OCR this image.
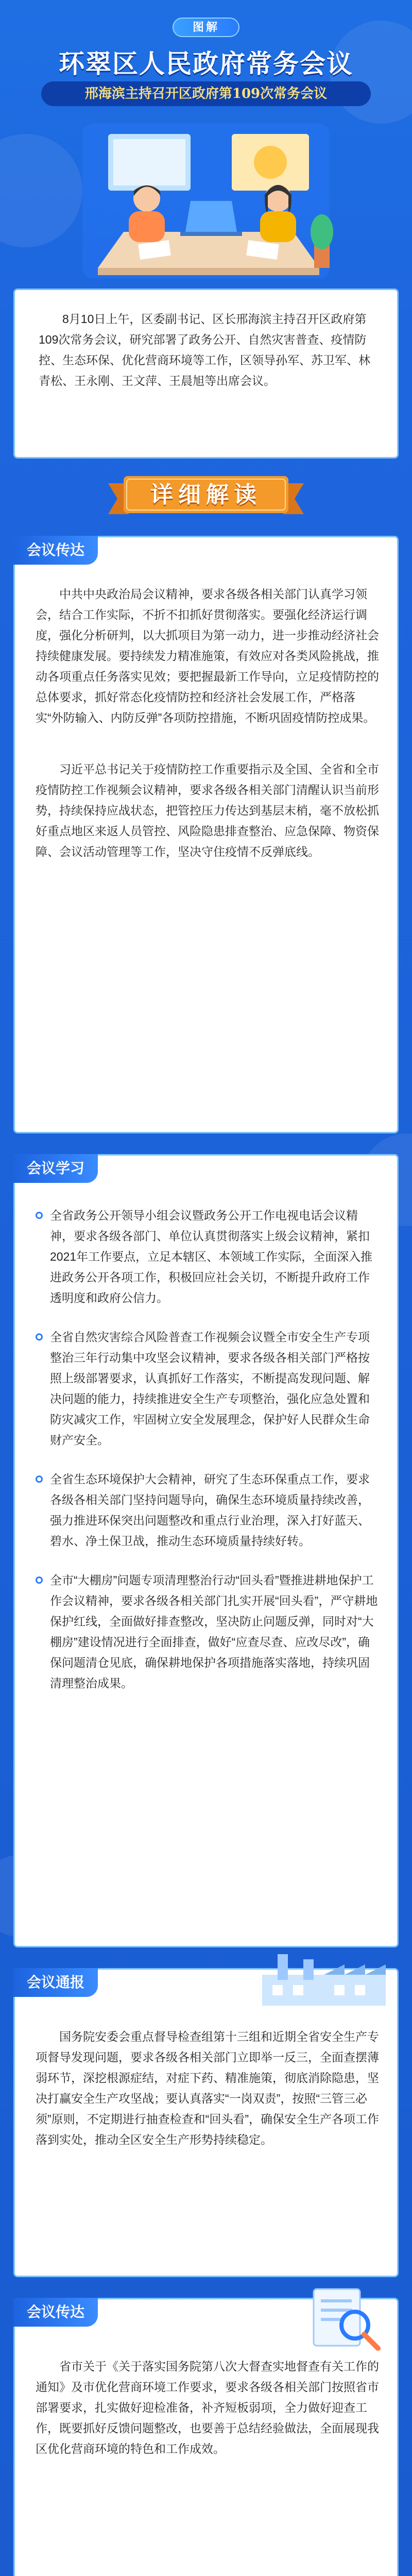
图解
环翠区人民政府常务会议
邢海滨主持召开区政府第109次常务会议

8月10日上午，区委副书记、区长邢海滨主持召开区政府第109次常务会议，研究部署了政务公开、自然灾害普查、疫情防控、生态环保、优化营商环境等工作，区领导孙军、苏卫军、林青松、王永刚、王文萍、王晨旭等出席会议。

详细解读
会议传达

中共中央政治局会议精神，要求各级各相关部门认真学习领会，结合工作实际，不折不扣抓好贯彻落实。要强化经济运行调度，强化分析研判，以大抓项目为第一动力，进一步推动经济社会持续健康发展。要持续发力精准施策，有效应对各类风险挑战，推动各项重点任务落实见效；要把握最新工作导向，立足疫情防控的总体要求，抓好常态化疫情防控和经济社会发展工作，严格落实“外防输入、内防反弹”各项防控措施，不断巩固疫情防控成果。

习近平总书记关于疫情防控工作重要指示及全国、全省和全市疫情防控工作视频会议精神，要求各级各相关部门清醒认识当前形势，持续保持应战状态，把管控压力传达到基层末梢，毫不放松抓好重点地区来返人员管控、风险隐患排查整治、应急保障、物资保障、会议活动管理等工作，坚决守住疫情不反弹底线。

会议学习
全省政务公开领导小组会议暨政务公开工作电视电话会议精神，要求各级各部门、单位认真贯彻落实上级会议精神，紧扣2021年工作要点，立足本辖区、本领域工作实际，全面深入推进政务公开各项工作，积极回应社会关切，不断提升政府工作透明度和政府公信力。
全省自然灾害综合风险普查工作视频会议暨全市安全生产专项整治三年行动集中攻坚会议精神，要求各级各相关部门严格按照上级部署要求，认真抓好工作落实，不断提高发现问题、解决问题的能力，持续推进安全生产专项整治，强化应急处置和防灾减灾工作，牢固树立安全发展理念，保护好人民群众生命财产安全。
全省生态环境保护大会精神，研究了生态环保重点工作，要求各级各相关部门坚持问题导向，确保生态环境质量持续改善，强力推进环保突出问题整改和重点行业治理，深入打好蓝天、碧水、净土保卫战，推动生态环境质量持续好转。
全市“大棚房”问题专项清理整治行动“回头看”暨推进耕地保护工作会议精神，要求各级各相关部门扎实开展“回头看”，严守耕地保护红线，全面做好排查整改，坚决防止问题反弹，同时对“大棚房”建设情况进行全面排查，做好“应查尽查、应改尽改”，确保问题清仓见底，确保耕地保护各项措施落实落地，持续巩固清理整治成果。
会议通报

国务院安委会重点督导检查组第十三组和近期全省安全生产专项督导发现问题，要求各级各相关部门立即举一反三，全面查摆薄弱环节，深挖根源症结，对症下药、精准施策，彻底消除隐患，坚决打赢安全生产攻坚战；要认真落实“一岗双责”，按照“三管三必须”原则，不定期进行抽查检查和“回头看”，确保安全生产各项工作落到实处，推动全区安全生产形势持续稳定。

会议传达

省市关于《关于落实国务院第八次大督查实地督查有关工作的通知》及市优化营商环境工作要求，要求各级各相关部门按照省市部署要求，扎实做好迎检准备，补齐短板弱项，全力做好迎查工作，既要抓好反馈问题整改，也要善于总结经验做法，全面展现我区优化营商环境的特色和工作成效。
